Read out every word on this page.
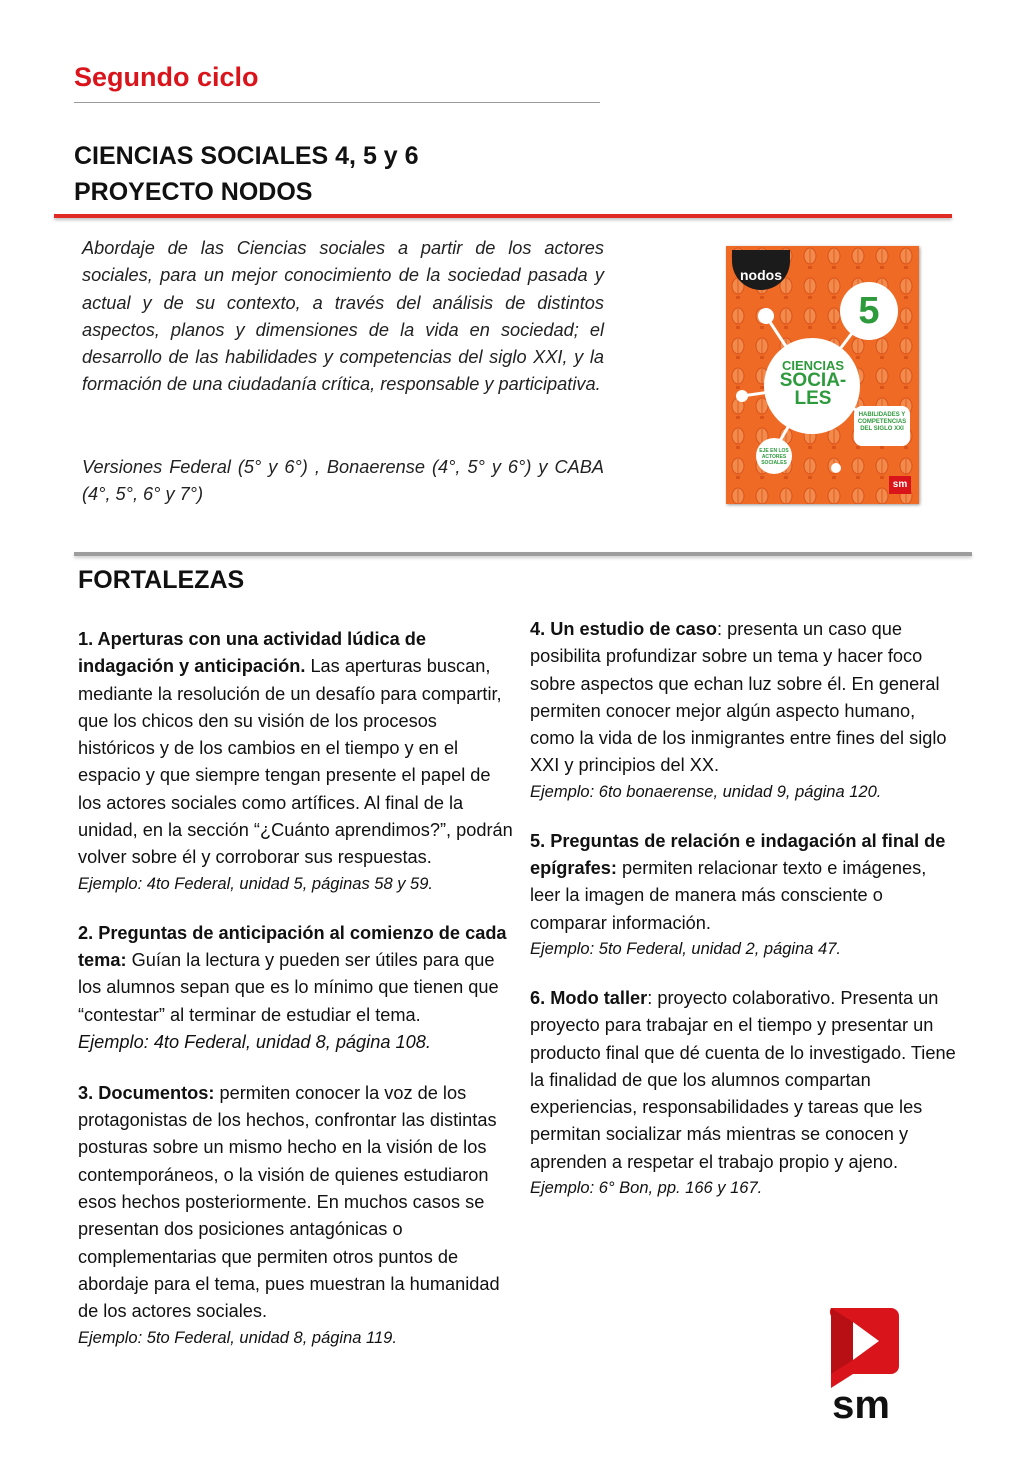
Segundo ciclo
CIENCIAS SOCIALES 4, 5 y 6
PROYECTO NODOS
Abordaje de las Ciencias sociales a partir de los actores sociales, para un mejor conocimiento de la sociedad pasada y actual y de su contexto, a través del análisis de distintos aspectos, planos y dimensiones de la vida en sociedad; el desarrollo de las habilidades y competencias del siglo XXI, y la formación de una ciudadanía crítica, responsable y participativa.
Versiones Federal (5° y 6°) , Bonaerense (4°, 5° y 6°) y CABA (4°, 5°, 6° y 7°)
nodos
5
CIENCIAS
SOCIA-LES
HABILIDADES Y COMPETENCIAS DEL SIGLO XXI
EJE EN LOS ACTORES SOCIALES
sm
FORTALEZAS

1. Aperturas con una actividad lúdica de indagación y anticipación. Las aperturas buscan, mediante la resolución de un desafío para compartir, que los chicos den su visión de los procesos históricos y de los cambios en el tiempo y en el espacio y que siempre tengan presente el papel de los actores sociales como artífices. Al final de la unidad, en la sección “¿Cuánto aprendimos?”, podrán volver sobre él y corroborar sus respuestas.

Ejemplo: 4to Federal, unidad 5, páginas 58 y 59.

2. Preguntas de anticipación al comienzo de cada tema: Guían la lectura y pueden ser útiles para que los alumnos sepan que es lo mínimo que tienen que “contestar” al terminar de estudiar el tema.

Ejemplo: 4to Federal, unidad 8, página 108.

3. Documentos: permiten conocer la voz de los protagonistas de los hechos, confrontar las distintas posturas sobre un mismo hecho en la visión de los contemporáneos, o la visión de quienes estudiaron esos hechos posteriormente. En muchos casos se presentan dos posiciones antagónicas o complementarias que permiten otros puntos de abordaje para el tema, pues muestran la humanidad de los actores sociales.

Ejemplo: 5to Federal, unidad 8, página 119.

4. Un estudio de caso: presenta un caso que posibilita profundizar sobre un tema y hacer foco sobre aspectos que echan luz sobre él. En general permiten conocer mejor algún aspecto humano, como la vida de los inmigrantes entre fines del siglo XXI y principios del XX.

Ejemplo: 6to bonaerense, unidad 9, página 120.

5. Preguntas de relación e indagación al final de epígrafes: permiten relacionar texto e imágenes, leer la imagen de manera más consciente o comparar información.

Ejemplo: 5to Federal, unidad 2, página 47.

6. Modo taller: proyecto colaborativo. Presenta un proyecto para trabajar en el tiempo y presentar un producto final que dé cuenta de lo investigado. Tiene la finalidad de que los alumnos compartan experiencias, responsabilidades y tareas que les permitan socializar más mientras se conocen y aprenden a respetar el trabajo propio y ajeno.

Ejemplo: 6° Bon, pp. 166 y 167.

sm
